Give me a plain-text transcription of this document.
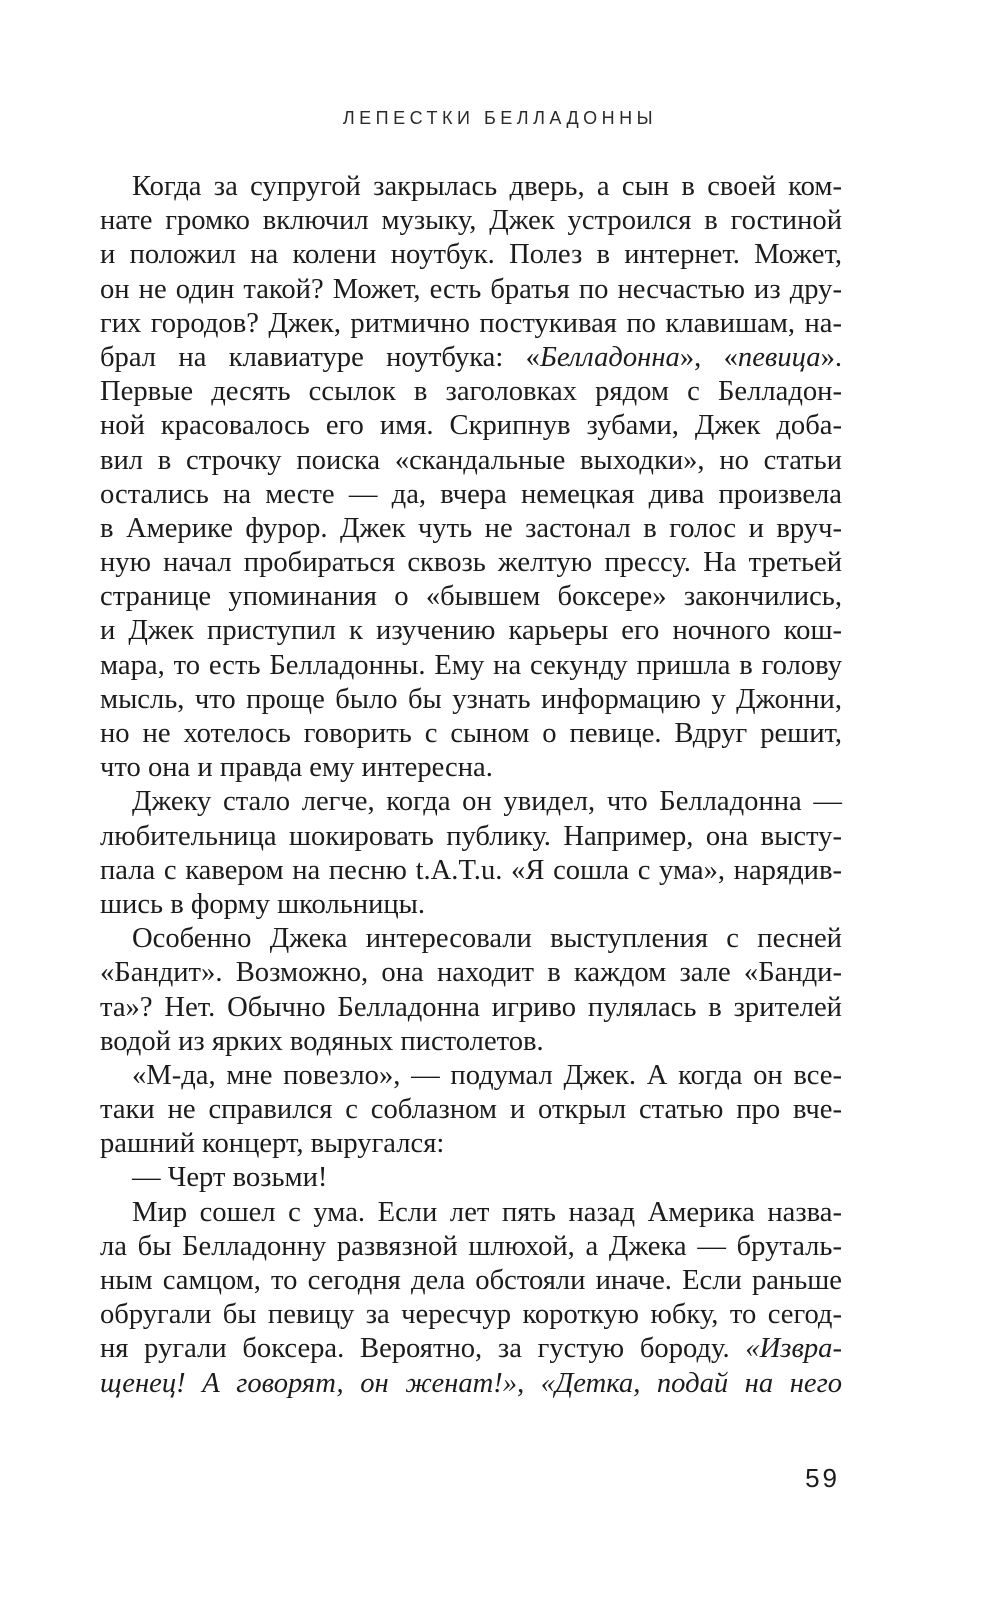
ЛЕПЕСТКИ БЕЛЛАДОННЫ
Когда за супругой закрылась дверь, а сын в своей ком-
нате громко включил музыку, Джек устроился в гостиной
и положил на колени ноутбук. Полез в интернет. Может,
он не один такой? Может, есть братья по несчастью из дру-
гих городов? Джек, ритмично постукивая по клавишам, на-
брал на клавиатуре ноутбука: «Белладонна», «певица».
Первые десять ссылок в заголовках рядом с Белладон-
ной красовалось его имя. Скрипнув зубами, Джек доба-
вил в строчку поиска «скандальные выходки», но статьи
остались на месте — да, вчера немецкая дива произвела
в Америке фурор. Джек чуть не застонал в голос и вруч-
ную начал пробираться сквозь желтую прессу. На третьей
странице упоминания о «бывшем боксере» закончились,
и Джек приступил к изучению карьеры его ночного кош-
мара, то есть Белладонны. Ему на секунду пришла в голову
мысль, что проще было бы узнать информацию у Джонни,
но не хотелось говорить с сыном о певице. Вдруг решит,
что она и правда ему интересна.
Джеку стало легче, когда он увидел, что Белладонна —
любительница шокировать публику. Например, она высту-
пала с кавером на песню t.A.T.u. «Я сошла с ума», нарядив-
шись в форму школьницы.
Особенно Джека интересовали выступления с песней
«Бандит». Возможно, она находит в каждом зале «Банди-
та»? Нет. Обычно Белладонна игриво пулялась в зрителей
водой из ярких водяных пистолетов.
«М-да, мне повезло», — подумал Джек. А когда он все-
таки не справился с соблазном и открыл статью про вче-
рашний концерт, выругался:
— Черт возьми!
Мир сошел с ума. Если лет пять назад Америка назва-
ла бы Белладонну развязной шлюхой, а Джека — бруталь-
ным самцом, то сегодня дела обстояли иначе. Если раньше
обругали бы певицу за чересчур короткую юбку, то сегод-
ня ругали боксера. Вероятно, за густую бороду. «Извра-
щенец! А говорят, он женат!», «Детка, подай на него
59
